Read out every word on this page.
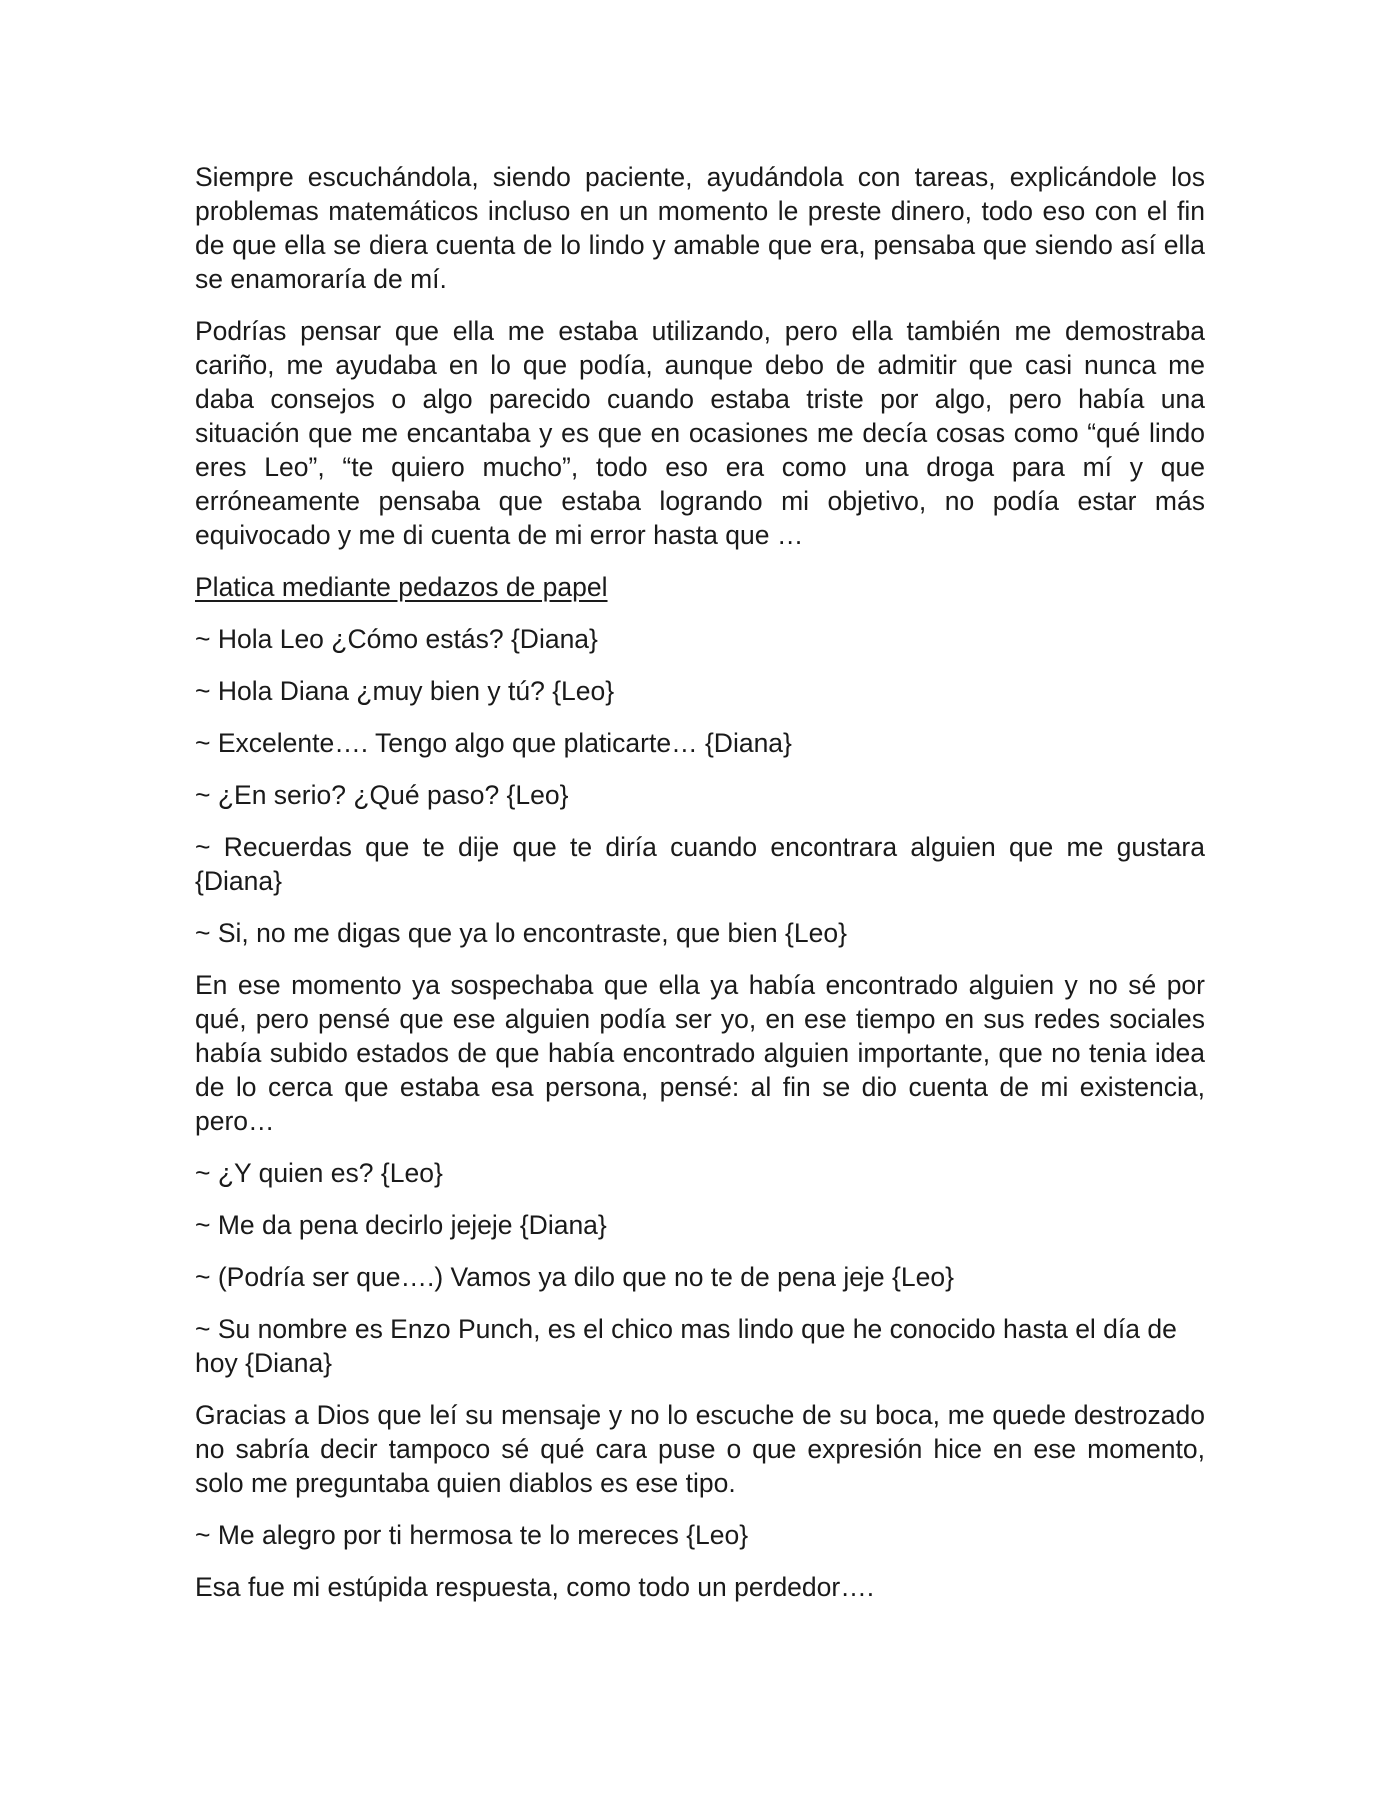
Siempre escuchándola, siendo paciente, ayudándola con tareas, explicándole los problemas matemáticos incluso en un momento le preste dinero, todo eso con el fin de que ella se diera cuenta de lo lindo y amable que era, pensaba que siendo así ella se enamoraría de mí.

Podrías pensar que ella me estaba utilizando, pero ella también me demostraba cariño, me ayudaba en lo que podía, aunque debo de admitir que casi nunca me daba consejos o algo parecido cuando estaba triste por algo, pero había una situación que me encantaba y es que en ocasiones me decía cosas como “qué lindo eres Leo”, “te quiero mucho”, todo eso era como una droga para mí y que erróneamente pensaba que estaba logrando mi objetivo, no podía estar más equivocado y me di cuenta de mi error hasta que …

Platica mediante pedazos de papel

~ Hola Leo ¿Cómo estás? {Diana}

~ Hola Diana ¿muy bien y tú? {Leo}

~ Excelente…. Tengo algo que platicarte… {Diana}

~ ¿En serio? ¿Qué paso? {Leo}

~ Recuerdas que te dije que te diría cuando encontrara alguien que me gustara {Diana}

~ Si, no me digas que ya lo encontraste, que bien {Leo}

En ese momento ya sospechaba que ella ya había encontrado alguien y no sé por qué, pero pensé que ese alguien podía ser yo, en ese tiempo en sus redes sociales había subido estados de que había encontrado alguien importante, que no tenia idea de lo cerca que estaba esa persona, pensé: al fin se dio cuenta de mi existencia, pero…

~ ¿Y quien es? {Leo}

~ Me da pena decirlo jejeje {Diana}

~ (Podría ser que….) Vamos ya dilo que no te de pena jeje {Leo}

~ Su nombre es Enzo Punch, es el chico mas lindo que he conocido hasta el día de hoy {Diana}

Gracias a Dios que leí su mensaje y no lo escuche de su boca, me quede destrozado no sabría decir tampoco sé qué cara puse o que expresión hice en ese momento, solo me preguntaba quien diablos es ese tipo.

~ Me alegro por ti hermosa te lo mereces {Leo}

Esa fue mi estúpida respuesta, como todo un perdedor….
